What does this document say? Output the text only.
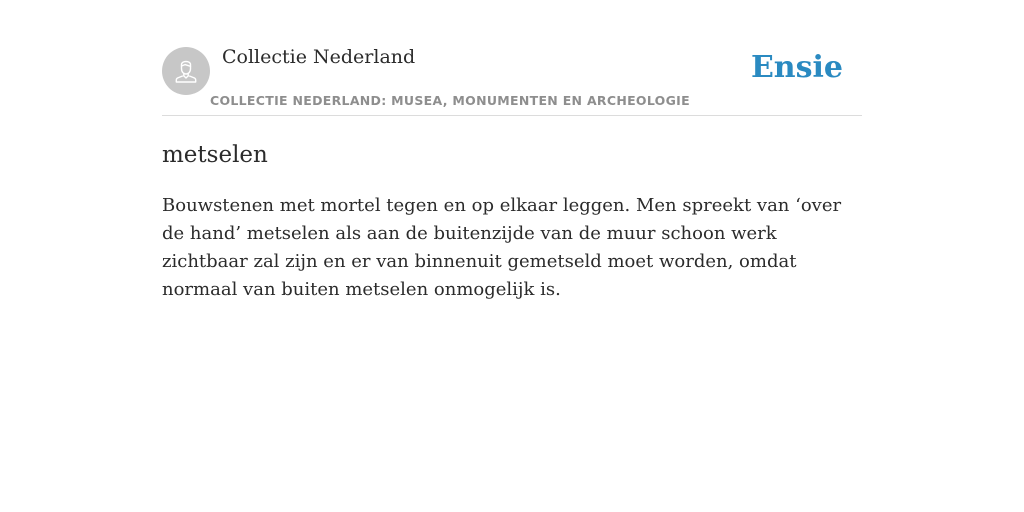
Collectie Nederland
COLLECTIE NEDERLAND: MUSEA, MONUMENTEN EN ARCHEOLOGIE
Ensie
metselen

Bouwstenen met mortel tegen en op elkaar leggen. Men spreekt van ‘over de hand’ metselen als aan de buitenzijde van de muur schoon werk zichtbaar zal zijn en er van binnenuit gemetseld moet worden, omdat normaal van buiten metselen onmogelijk is.
